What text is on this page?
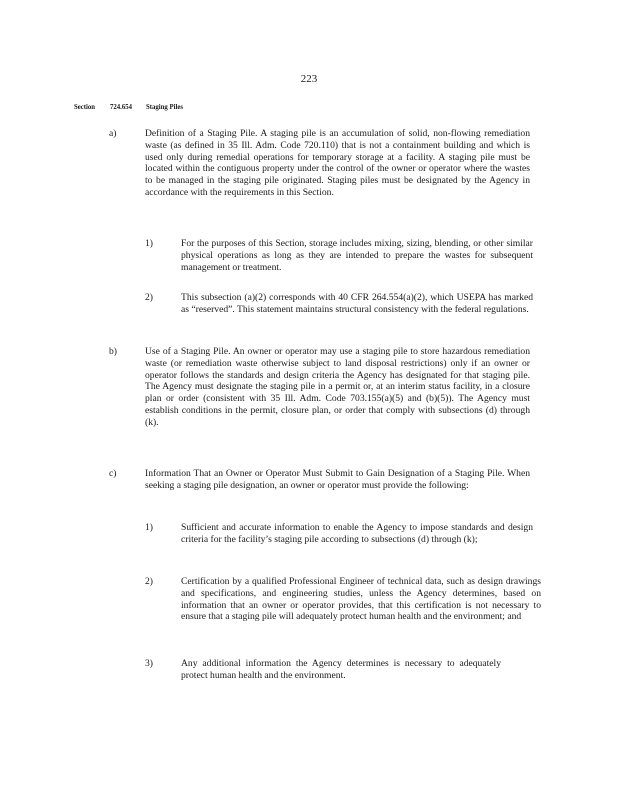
223
Section 724.654 Staging Piles
a)	Definition of a Staging Pile. A staging pile is an accumulation of solid, non-flowing remediation waste (as defined in 35 Ill. Adm. Code 720.110) that is not a containment building and which is used only during remedial operations for temporary storage at a facility. A staging pile must be located within the contiguous property under the control of the owner or operator where the wastes to be managed in the staging pile originated. Staging piles must be designated by the Agency in accordance with the requirements in this Section.
1)	For the purposes of this Section, storage includes mixing, sizing, blending, or other similar physical operations as long as they are intended to prepare the wastes for subsequent management or treatment.
2)	This subsection (a)(2) corresponds with 40 CFR 264.554(a)(2), which USEPA has marked as “reserved”. This statement maintains structural consistency with the federal regulations.
b)	Use of a Staging Pile. An owner or operator may use a staging pile to store hazardous remediation waste (or remediation waste otherwise subject to land disposal restrictions) only if an owner or operator follows the standards and design criteria the Agency has designated for that staging pile. The Agency must designate the staging pile in a permit or, at an interim status facility, in a closure plan or order (consistent with 35 Ill. Adm. Code 703.155(a)(5) and (b)(5)). The Agency must establish conditions in the permit, closure plan, or order that comply with subsections (d) through (k).
c)	Information That an Owner or Operator Must Submit to Gain Designation of a Staging Pile. When seeking a staging pile designation, an owner or operator must provide the following:
1)	Sufficient and accurate information to enable the Agency to impose standards and design criteria for the facility’s staging pile according to subsections (d) through (k);
2)	Certification by a qualified Professional Engineer of technical data, such as design drawings and specifications, and engineering studies, unless the Agency determines, based on information that an owner or operator provides, that this certification is not necessary to ensure that a staging pile will adequately protect human health and the environment; and
3)	Any additional information the Agency determines is necessary to adequately protect human health and the environment.
